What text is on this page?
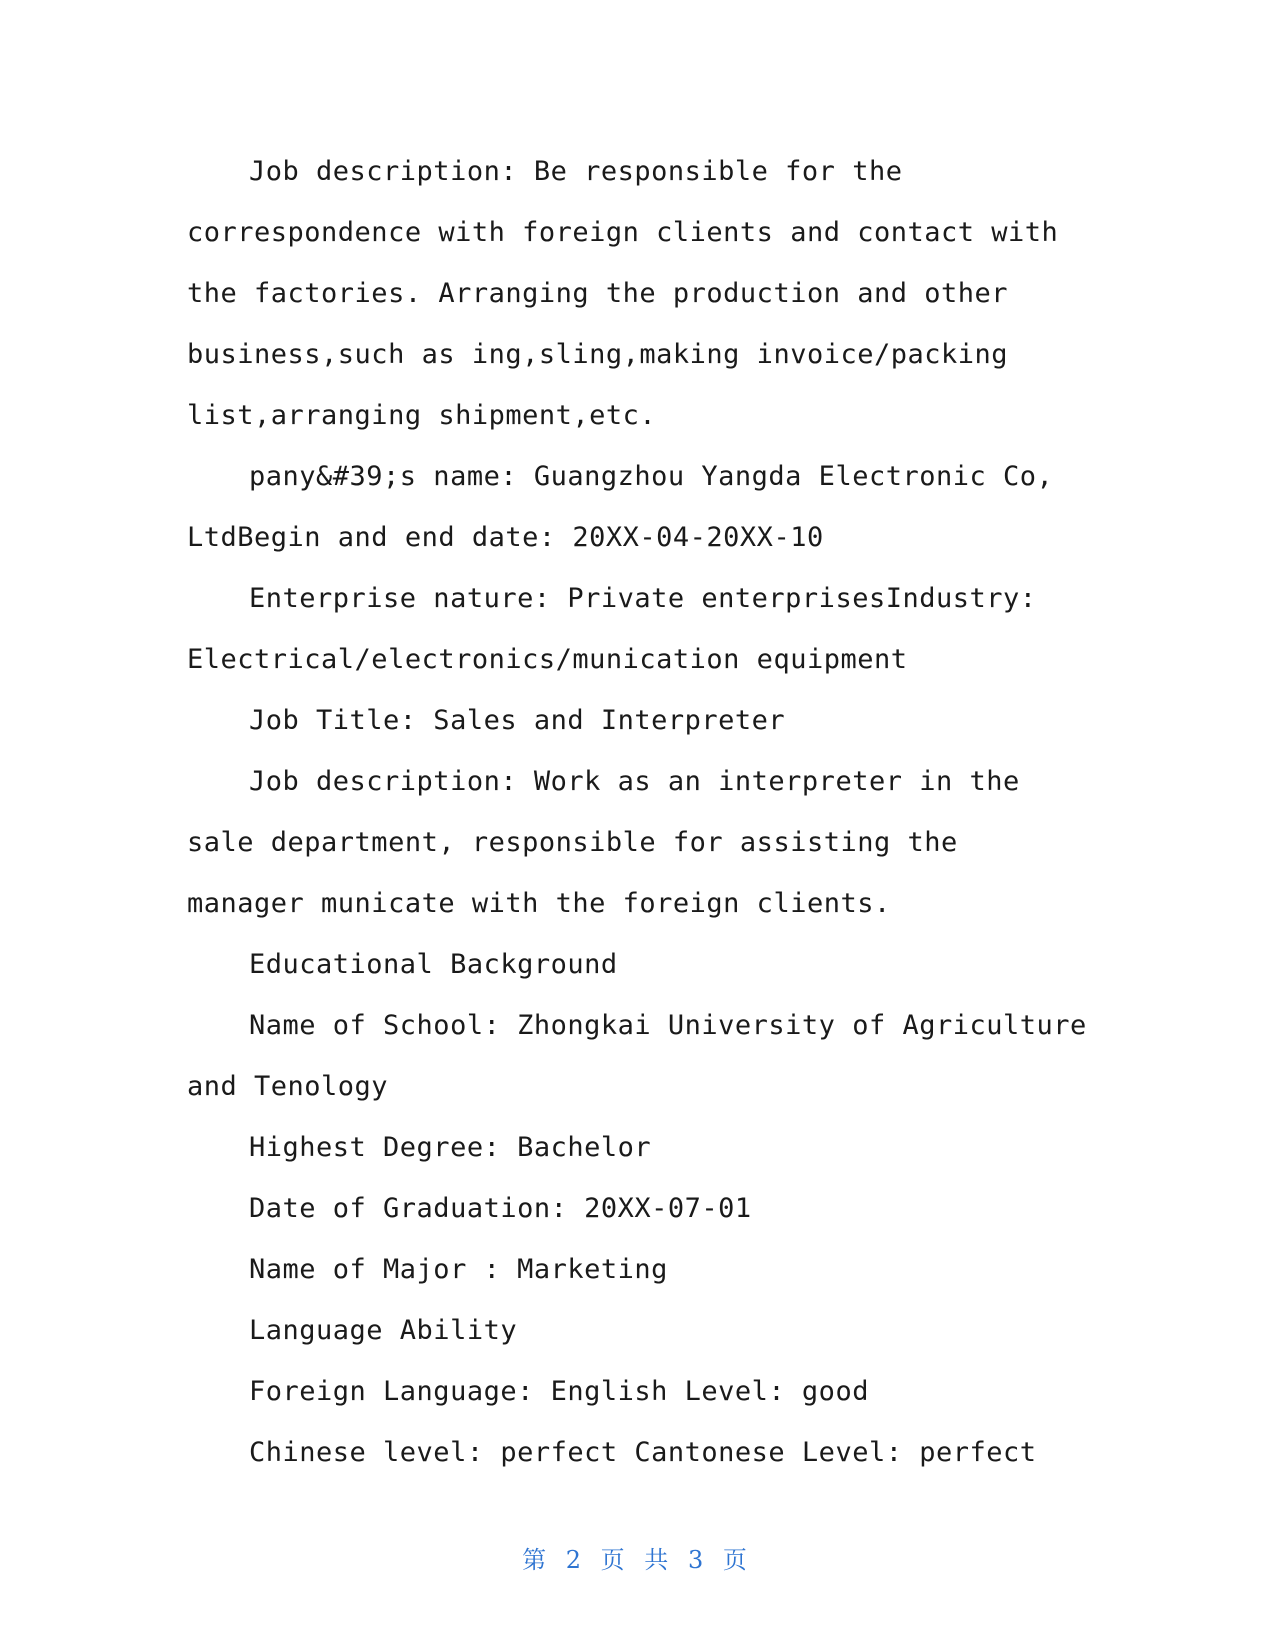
Job description: Be responsible for the correspondence with foreign clients and contact with the factories. Arranging the production and other business,such as ing,sling,making invoice/packing list,arranging shipment,etc.

pany&#39;s name: Guangzhou Yangda Electronic Co, LtdBegin and end date: 20XX-04-20XX-10

Enterprise nature: Private enterprisesIndustry: Electrical/electronics/munication equipment

Job Title: Sales and Interpreter

Job description: Work as an interpreter in the sale department, responsible for assisting the manager municate with the foreign clients.

Educational Background

Name of School: Zhongkai University of Agriculture and Tenology

Highest Degree: Bachelor

Date of Graduation: 20XX-07-01

Name of Major : Marketing

Language Ability

Foreign Language: English Level: good

Chinese level: perfect Cantonese Level: perfect

第 2 页 共 3 页
